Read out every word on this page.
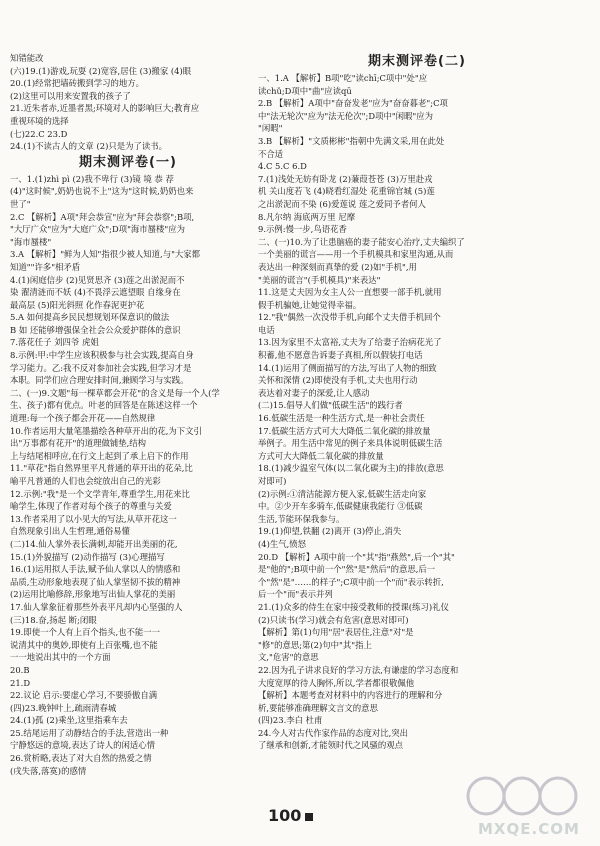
知错能改
(六)19.(1)游戏,玩耍 (2)宽容,居住 (3)搬家 (4)眼
20.(1)经常把墙砖搬到学习的地方。
(2)这里可以用来安置我的孩子了
21.近朱者赤,近墨者黑;环境对人的影响巨大;教育应
重视环境的选择
(七)22.C 23.D
24.(1)不读古人的文章 (2)只是为了读书。
期末测评卷(一)
一、1.(1)zhì pì (2)我不卑行 (3)镜 境 恭 荐
(4)"这时候",奶奶也说不上"这为"这时候,奶奶也来
世了"
2.C 【解析】A项"拜会恭宣"应为"拜会恭察";B项,
"大厅广众"应为"大庭广众";D项"海市蜃楼"应为
"海市蜃楼"
3.A 【解析】"鲜为人知"指很少被人知道,与"大家都
知道""许多"相矛盾
4.(1)闲庭信步 (2)见贤思齐 (3)莲之出淤泥而不
染 濯清涟而不妖 (4)不畏浮云遮望眼 自缘身在
最高层 (5)阳光斜照 化作春泥更护花
5.A 如何提高乡民民想规划环保意识的做法
B 如 还能够增强保全社会公众爱护群体的意识
7.落花任子 刘四爷 虎姐
8.示例:甲:中学生应该积极参与社会实践,提高自身
学习能力。乙:我不反对参加社会实践,但学习才是
本职。同学们应合理安排时间,兼顾学习与实践。
二、(一)9.文题"每一棵草都会开花"的含义是每一个人(学
生、孩子)都有优点。叶老的回答是在陈述这样一个
道理:每一个孩子都会开花——自然规律
10.作者运用大量笔墨描绘各种草开出的花,为下文引
出"万事都有花开"的道理做铺垫,结构
上与结尾相呼应,在行文上起到了承上启下的作用
11."草花"指自然界里平凡普通的草开出的花朵,比
喻平凡普通的人们也会绽放出自己的光彩
12.示例:"我"是一个文学青年,尊重学生,用花来比
喻学生,体现了作者对每个孩子的尊重与关爱
13.作者采用了以小见大的写法,从草开花这一
自然现象引出人生哲理,通俗易懂
(二)14.仙人掌外表长满刺,却能开出美丽的花,
15.(1)外貌描写 (2)动作描写 (3)心理描写
16.(1)运用拟人手法,赋予仙人掌以人的情感和
品质,生动形象地表现了仙人掌坚韧不拔的精神
(2)运用比喻修辞,形象地写出仙人掌花的美丽
17.仙人掌象征着那些外表平凡却内心坚强的人
(三)18.奋,扬起 断;闭眼
19.即使一个人有上百个指头,也不能一一
说清其中的奥妙,即使有上百张嘴,也不能
一一地说出其中的一个方面
20.B
21.D
22.议论 启示:要虚心学习,不要骄傲自满
(四)23.晚钟叶上,疏雨清春城
24.(1)孤 (2)乘坐,这里指乘车去
25.结尾运用了动静结合的手法,营造出一种
宁静悠远的意境,表达了诗人的闲适心情
26.赏析略,表达了对大自然的热爱之情
(戌失落,落寞)的感情
期末测评卷(二)
一、1.A 【解析】B项"吃"读chī;C项中"处"应
读chǔ;D项中"曲"应读qū
2.B 【解析】A项中"奋奋发老"应为"奋奋暮老";C项
中"法无轮次"应为"法无伦次";D项中"闲暇"应为
"闲暇"
3.B 【解析】"文质彬彬"指朝中先满文采,用在此处
不合适
4.C 5.C 6.D
7.(1)浅处无妨有卧龙 (2)蒹葭苍苍 (3)万里赴戎
机 关山度若飞 (4)晓看红湿处 花重锦官城 (5)莲
之出淤泥而不染 (6)爱莲说 莲之爱同予者何人
8.凡尔纳 海底两万里 尼摩
9.示例:慢一步,鸟语花香
二、(一)10.为了让患脑癌的妻子能安心治疗,丈夫编织了
一个美丽的谎言——用一个手机模具和家里沟通,从而
表达出一种深刻而真挚的爱 (2)如"手机",用
"美丽的谎言"(手机模具)"来表达"
11.这是丈夫因为女主人公一直想要一部手机,就用
假手机骗她,让她觉得幸福。
12."我"偶然一次没带手机,向邮个丈夫借手机回个
电话
13.因为家里不太富裕,丈夫为了给妻子治病花光了
积蓄,他不愿意告诉妻子真相,所以假装打电话
14.(1)运用了侧面描写的方法,写出了人物的细致
关怀和深情 (2)即使没有手机,丈夫也用行动
表达着对妻子的深爱,让人感动
(二)15.倡导人们做"低碳生活"的践行者
16.低碳生活是一种生活方式,是一种社会责任
17.低碳生活方式可大大降低二氧化碳的排放量
举例子。用生活中常见的例子来具体说明低碳生活
方式可大大降低二氧化碳的排放量
18.(1)减少温室气体(以二氧化碳为主)的排放(意思
对即可)
(2)示例:①清洁能源方便入家,低碳生活走向家
中。②少开车多骑车,低碳健康我能行 ③低碳
生活,节能环保我参与。
19.(1)仰望,铁翻 (2)离开 (3)停止,消失
(4)生气,愤怒
20.D 【解析】A项中前一个"其"指"燕然",后一个"其"
是"他的";B项中前一个"然"是"然后"的意思,后一
个"然"是"……的样子";C项中前一个"而"表示转折,
后一个"而"表示并列
21.(1)众多的侍生在家中接受教师的授课(练习)礼仪
(2)只读书(学习)就会有危害(意思对即可)
【解析】第(1)句用"居"表居住,注意"对"是
"修"的意思;第(2)句中"其"指上
文,"危害"的意思
22.因为孔子讲求良好的学习方法,有谦虚的学习态度和
大度宽厚的待人胸怀,所以,学者都很敬佩他
【解析】本题考查对材料中的内容进行的理解和分
析,要能够准确理解文言文的意思
(四)23.李白 杜甫
24.今人对古代作家作品的态度对比,突出
了继承和创新,才能领时代之风骚的观点
100
MXQE.COM
